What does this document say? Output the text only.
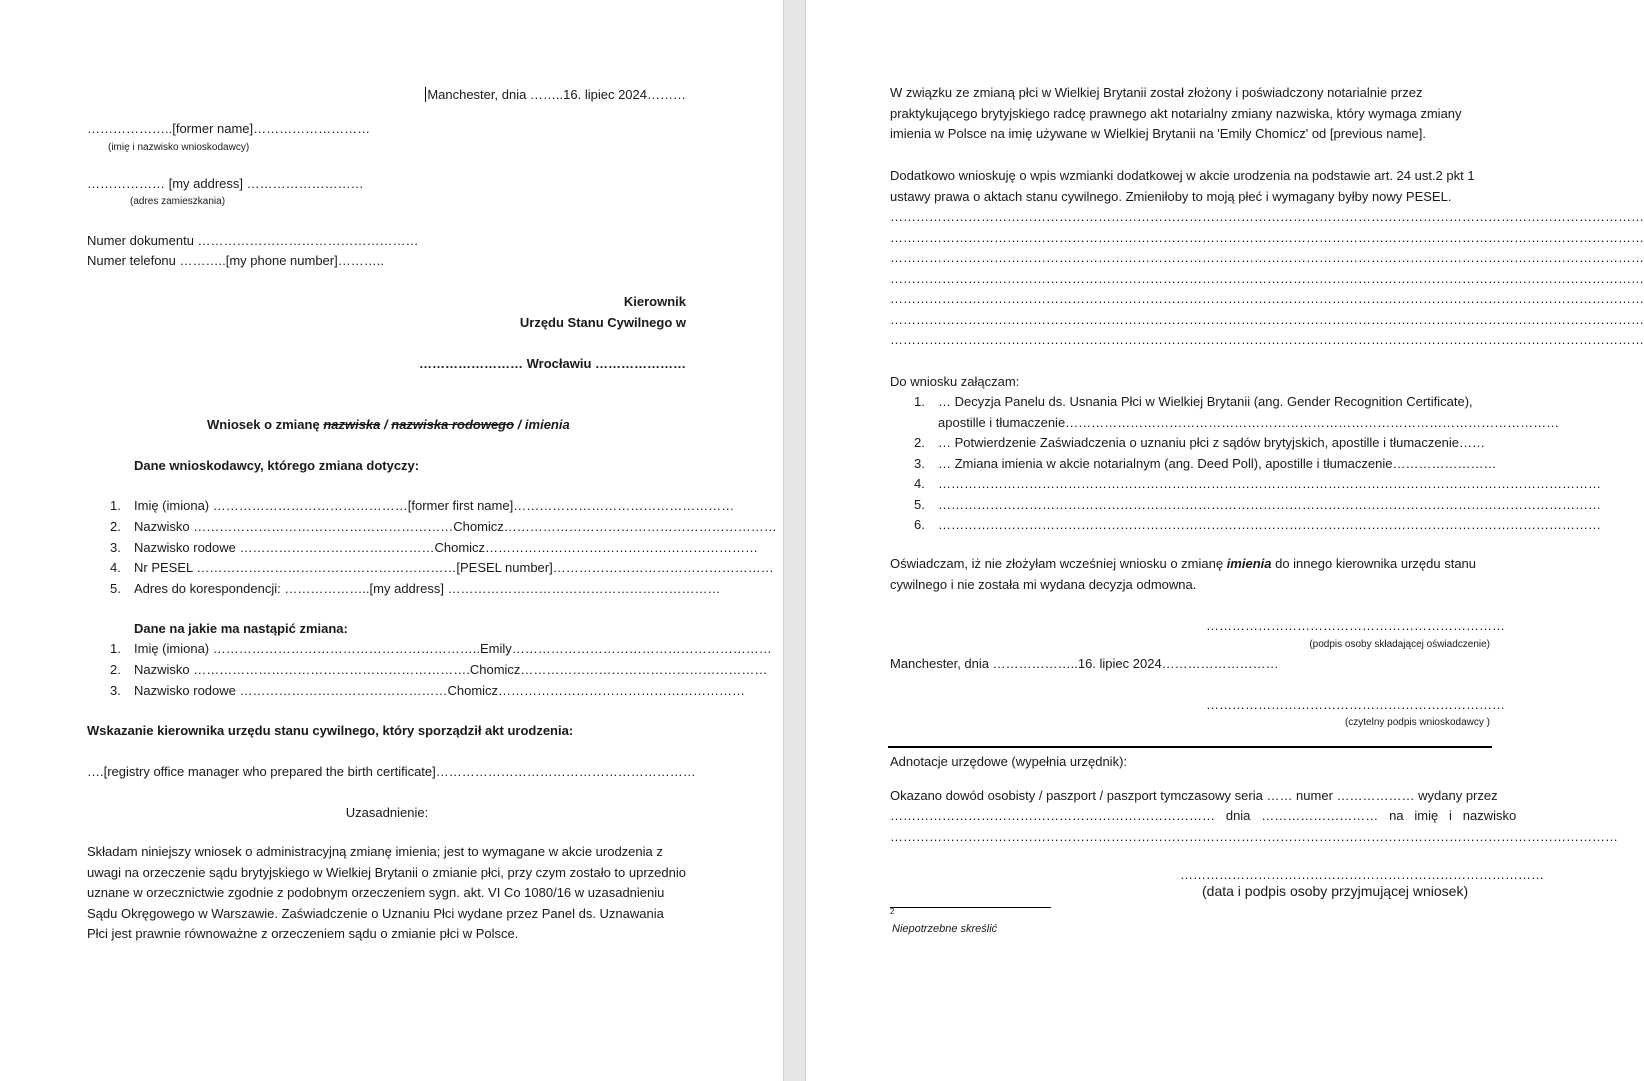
Manchester, dnia ……..16. lipiec 2024………
………………..[former name]………………………
(imię i nazwisko wnioskodawcy)
……………… [my address] ………………………
(adres zamieszkania)
Numer dokumentu ……………………………………………
Numer telefonu ………..[my phone number]………..
Kierownik
Urzędu Stanu Cywilnego w
…………………… Wrocławiu …………………
Wniosek o zmianę nazwiska / nazwiska rodowego / imienia
Dane wnioskodawcy, którego zmiana dotyczy:
1. Imię (imiona) ………………………………………[former first name]……………………………………………
2. Nazwisko ……………………………………………………Chomicz………………………………………………………
3. Nazwisko rodowe ………………………………………Chomicz………………………………………………………
4. Nr PESEL ……………………………………………………[PESEL number]……………………………………………
5. Adres do korespondencji: ………………..[my address] ………………………………………………………
Dane na jakie ma nastąpić zmiana:
1. Imię (imiona) ……………………………………………………..Emily……………………………………………………
2. Nazwisko ……………………………………………………….Chomicz…………………………………………………
3. Nazwisko rodowe …………………………………………Chomicz…………………………………………………
Wskazanie kierownika urzędu stanu cywilnego, który sporządził akt urodzenia:
….[registry office manager who prepared the birth certificate]……………………………………………………
Uzasadnienie:
Składam niniejszy wniosek o administracyjną zmianę imienia; jest to wymagane w akcie urodzenia z uwagi na orzeczenie sądu brytyjskiego w Wielkiej Brytanii o zmianie płci, przy czym zostało to uprzednio uznane w orzecznictwie zgodnie z podobnym orzeczeniem sygn. akt. VI Co 1080/16 w uzasadnieniu Sądu Okręgowego w Warszawie. Zaświadczenie o Uznaniu Płci wydane przez Panel ds. Uznawania Płci jest prawnie równoważne z orzeczeniem sądu o zmianie płci w Polsce.
W związku ze zmianą płci w Wielkiej Brytanii został złożony i poświadczony notarialnie przez praktykującego brytyjskiego radcę prawnego akt notarialny zmiany nazwiska, który wymaga zmiany imienia w Polsce na imię używane w Wielkiej Brytanii na 'Emily Chomicz' od [previous name].
Dodatkowo wnioskuję o wpis wzmianki dodatkowej w akcie urodzenia na podstawie art. 24 ust.2 pkt 1 ustawy prawa o aktach stanu cywilnego. Zmieniłoby to moją płeć i wymagany byłby nowy PESEL.
…………………………………………………………………………………………………………………………………………………………
…………………………………………………………………………………………………………………………………………………………
…………………………………………………………………………………………………………………………………………………………
…………………………………………………………………………………………………………………………………………………………
…………………………………………………………………………………………………………………………………………………………
…………………………………………………………………………………………………………………………………………………………
…………………………………………………………………………………………………………………………………………………………
Do wniosku załączam:
1. … Decyzja Panelu ds. Usnania Płci w Wielkiej Brytanii (ang. Gender Recognition Certificate),
apostille i tłumaczenie……………………………………………………………………………………………………
2. … Potwierdzenie Zaświadczenia o uznaniu płci z sądów brytyjskich, apostille i tłumaczenie……
3. … Zmiana imienia w akcie notarialnym (ang. Deed Poll), apostille i tłumaczenie……………………
4. ………………………………………………………………………………………………………………………………………
5. ………………………………………………………………………………………………………………………………………
6. ………………………………………………………………………………………………………………………………………
Oświadczam, iż nie złożyłam wcześniej wniosku o zmianę imienia do innego kierownika urzędu stanu cywilnego i nie została mi wydana decyzja odmowna.
……………………………………………………………
(podpis osoby składającej oświadczenie)
Manchester, dnia ………………..16. lipiec 2024………………………
……………………………………………………………
(czytelny podpis wnioskodawcy )
Adnotacje urzędowe (wypełnia urzędnik):
Okazano dowód osobisty / paszport / paszport tymczasowy seria …… numer ……………… wydany przez
…………………………………………………………………   dnia   ………………………   na   imię   i   nazwisko
……………………………………………………………………………………………………………………………………………………
…………………………………………………………………………
(data i podpis osoby przyjmującej wniosek)
2
Niepotrzebne skreślić
